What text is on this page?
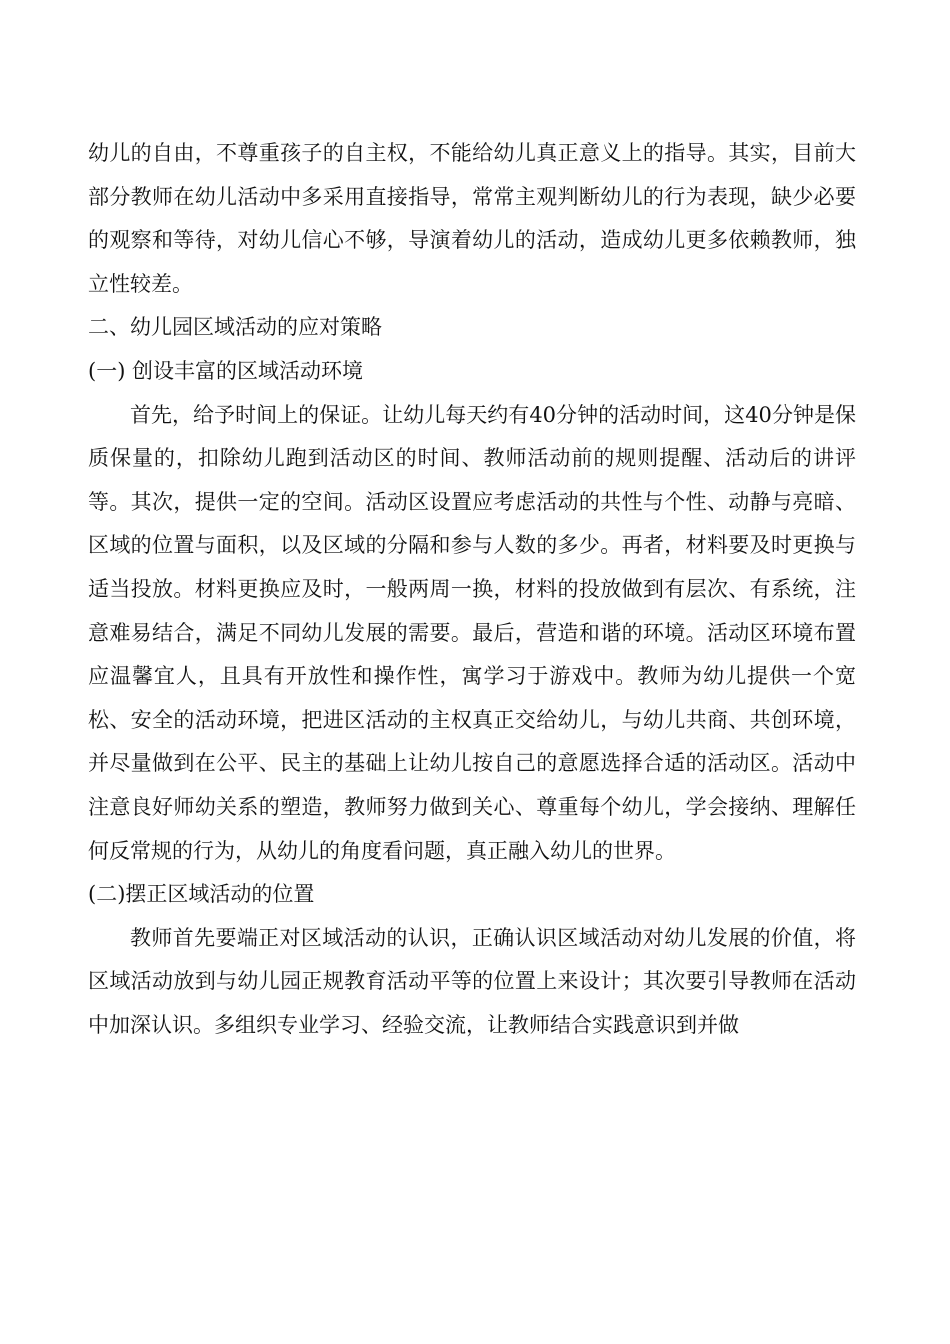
幼儿的自由，不尊重孩子的自主权，不能给幼儿真正意义上的指导。其实，目前大部分教师在幼儿活动中多采用直接指导，常常主观判断幼儿的行为表现，缺少必要的观察和等待，对幼儿信心不够，导演着幼儿的活动，造成幼儿更多依赖教师，独立性较差。

二、幼儿园区域活动的应对策略

(一) 创设丰富的区域活动环境

首先，给予时间上的保证。让幼儿每天约有40分钟的活动时间，这40分钟是保质保量的，扣除幼儿跑到活动区的时间、教师活动前的规则提醒、活动后的讲评等。其次，提供一定的空间。活动区设置应考虑活动的共性与个性、动静与亮暗、区域的位置与面积，以及区域的分隔和参与人数的多少。再者，材料要及时更换与适当投放。材料更换应及时，一般两周一换，材料的投放做到有层次、有系统，注意难易结合，满足不同幼儿发展的需要。最后，营造和谐的环境。活动区环境布置应温馨宜人，且具有开放性和操作性，寓学习于游戏中。教师为幼儿提供一个宽松、安全的活动环境，把进区活动的主权真正交给幼儿，与幼儿共商、共创环境，并尽量做到在公平、民主的基础上让幼儿按自己的意愿选择合适的活动区。活动中注意良好师幼关系的塑造，教师努力做到关心、尊重每个幼儿，学会接纳、理解任何反常规的行为，从幼儿的角度看问题，真正融入幼儿的世界。

(二)摆正区域活动的位置

教师首先要端正对区域活动的认识，正确认识区域活动对幼儿发展的价值，将区域活动放到与幼儿园正规教育活动平等的位置上来设计；其次要引导教师在活动中加深认识。多组织专业学习、经验交流，让教师结合实践意识到并做
